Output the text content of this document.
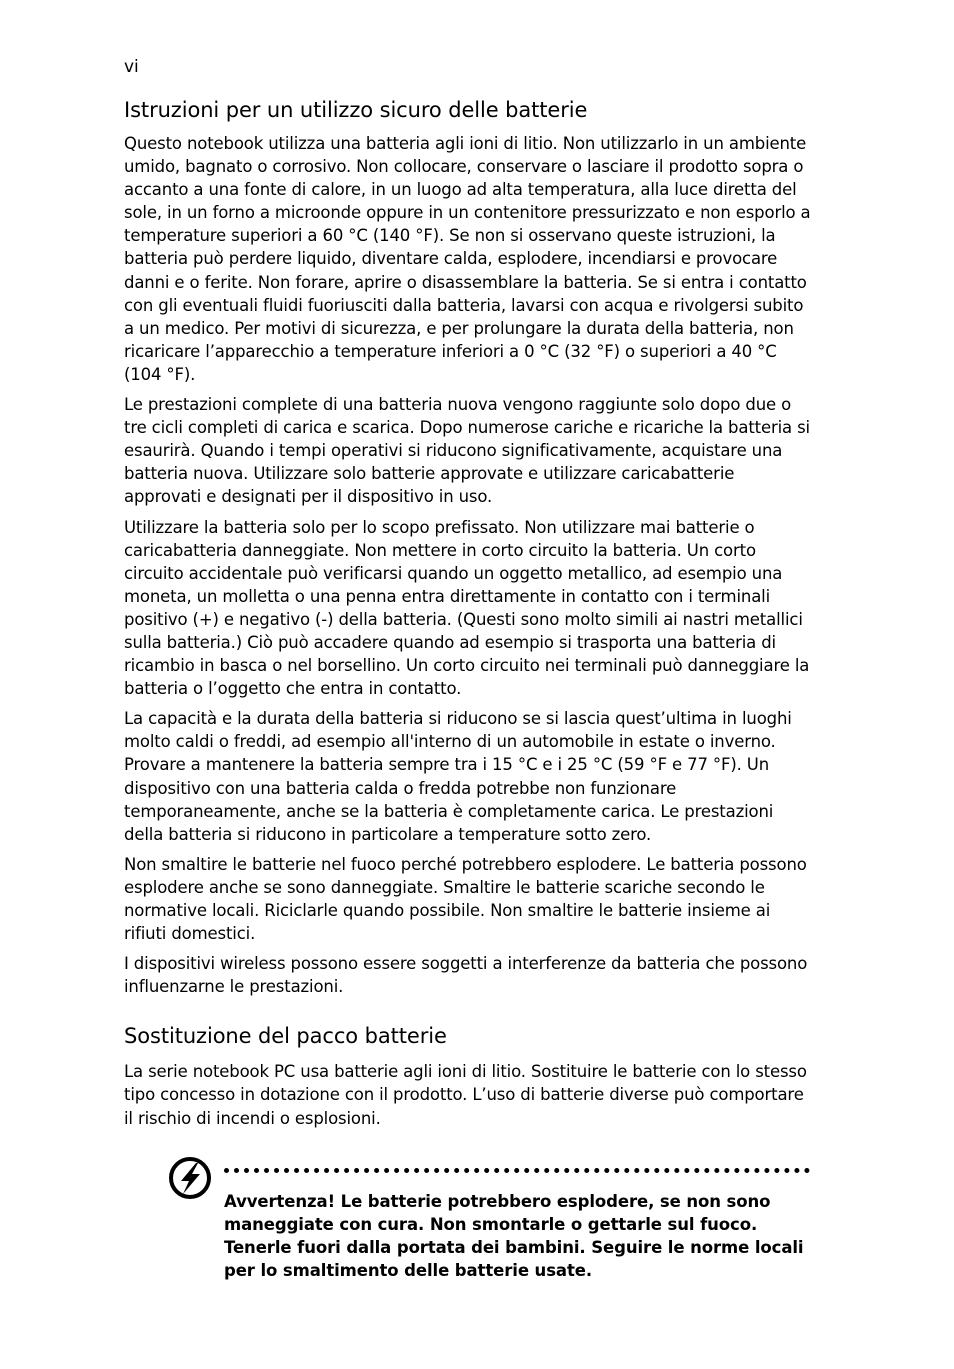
vi
Istruzioni per un utilizzo sicuro delle batterie

Questo notebook utilizza una batteria agli ioni di litio. Non utilizzarlo in un ambiente umido, bagnato o corrosivo. Non collocare, conservare o lasciare il prodotto sopra o accanto a una fonte di calore, in un luogo ad alta temperatura, alla luce diretta del sole, in un forno a microonde oppure in un contenitore pressurizzato e non esporlo a temperature superiori a 60 °C (140 °F). Se non si osservano queste istruzioni, la batteria può perdere liquido, diventare calda, esplodere, incendiarsi e provocare danni e o ferite. Non forare, aprire o disassemblare la batteria. Se si entra i contatto con gli eventuali fluidi fuoriusciti dalla batteria, lavarsi con acqua e rivolgersi subito a un medico. Per motivi di sicurezza, e per prolungare la durata della batteria, non ricaricare l’apparecchio a temperature inferiori a 0 °C (32 °F) o superiori a 40 °C (104 °F).

Le prestazioni complete di una batteria nuova vengono raggiunte solo dopo due o tre cicli completi di carica e scarica. Dopo numerose cariche e ricariche la batteria si esaurirà. Quando i tempi operativi si riducono significativamente, acquistare una batteria nuova. Utilizzare solo batterie approvate e utilizzare caricabatterie approvati e designati per il dispositivo in uso.

Utilizzare la batteria solo per lo scopo prefissato. Non utilizzare mai batterie o caricabatteria danneggiate. Non mettere in corto circuito la batteria. Un corto circuito accidentale può verificarsi quando un oggetto metallico, ad esempio una moneta, un molletta o una penna entra direttamente in contatto con i terminali positivo (+) e negativo (-) della batteria. (Questi sono molto simili ai nastri metallici sulla batteria.) Ciò può accadere quando ad esempio si trasporta una batteria di ricambio in basca o nel borsellino. Un corto circuito nei terminali può danneggiare la batteria o l’oggetto che entra in contatto.

La capacità e la durata della batteria si riducono se si lascia quest’ultima in luoghi molto caldi o freddi, ad esempio all'interno di un automobile in estate o inverno. Provare a mantenere la batteria sempre tra i 15 °C e i 25 °C (59 °F e 77 °F). Un dispositivo con una batteria calda o fredda potrebbe non funzionare temporaneamente, anche se la batteria è completamente carica. Le prestazioni della batteria si riducono in particolare a temperature sotto zero.

Non smaltire le batterie nel fuoco perché potrebbero esplodere. Le batteria possono esplodere anche se sono danneggiate. Smaltire le batterie scariche secondo le normative locali. Riciclarle quando possibile. Non smaltire le batterie insieme ai rifiuti domestici.

I dispositivi wireless possono essere soggetti a interferenze da batteria che possono influenzarne le prestazioni.

Sostituzione del pacco batterie

La serie notebook PC usa batterie agli ioni di litio. Sostituire le batterie con lo stesso tipo concesso in dotazione con il prodotto. L’uso di batterie diverse può comportare il rischio di incendi o esplosioni.

Avvertenza! Le batterie potrebbero esplodere, se non sono maneggiate con cura. Non smontarle o gettarle sul fuoco. Tenerle fuori dalla portata dei bambini. Seguire le norme locali per lo smaltimento delle batterie usate.
